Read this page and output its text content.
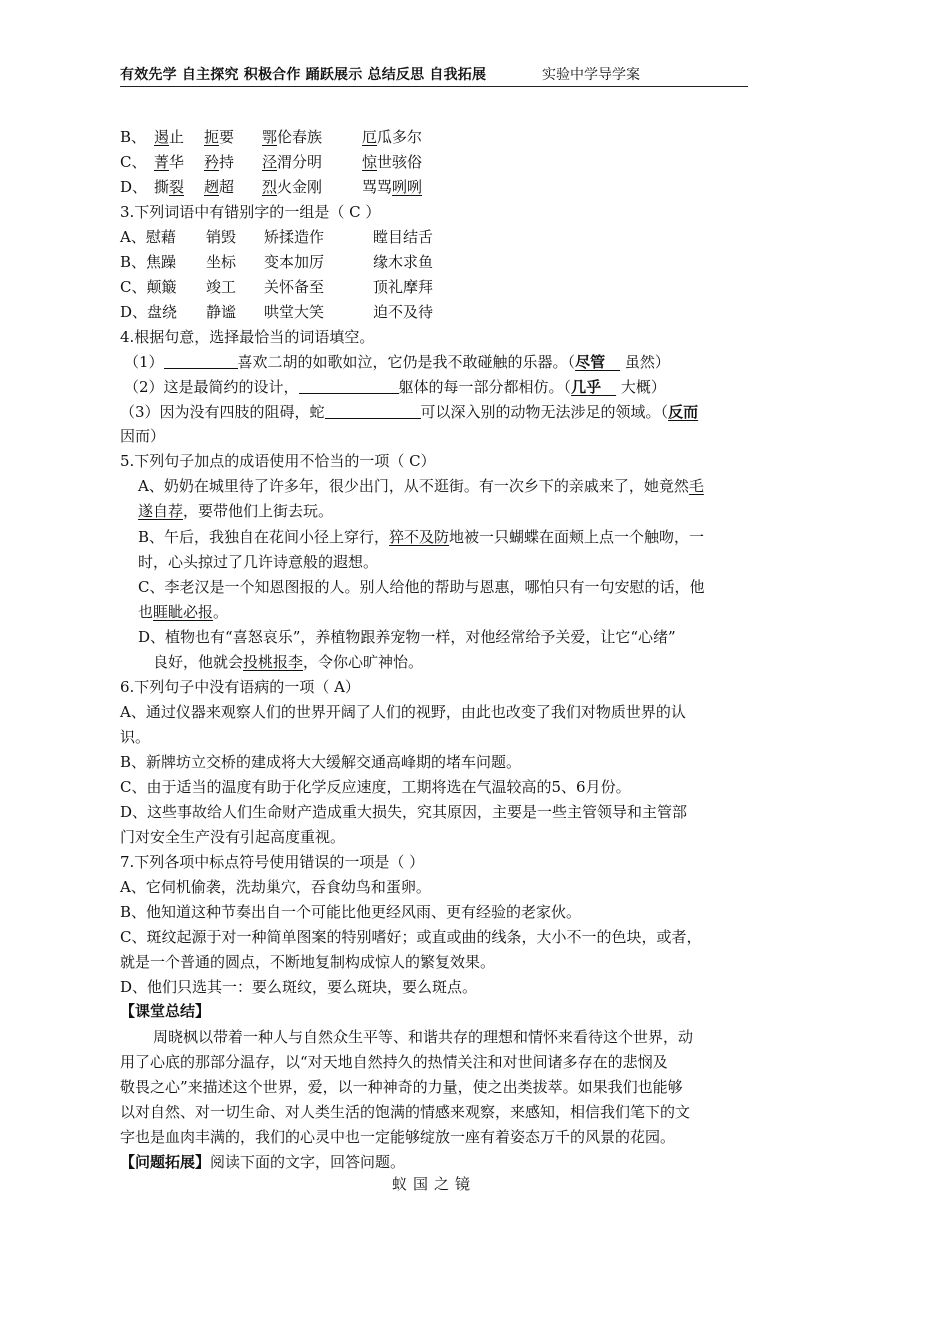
有效先学 自主探究 积极合作 踊跃展示 总结反思 自我拓展	实验中学导学案
B、 遏止 扼要 鄂伦春族	厄瓜多尔
C、 菁华 矜持 泾渭分明	惊世骇俗
D、 撕裂 趔超 烈火金刚	骂骂咧咧
3.下列词语中有错别字的一组是（ C ）
A、慰藉 销毁 矫揉造作	瞠目结舌
B、焦躁 坐标 变本加厉	缘木求鱼
C、颠簸 竣工 关怀备至	顶礼摩拜
D、盘绕 静谧 哄堂大笑	迫不及待
4.根据句意，选择最恰当的词语填空。
（1）	喜欢二胡的如歌如泣，它仍是我不敢碰触的乐器。（尽管  虽然）
（2）这是最简约的设计，	躯体的每一部分都相仿。（几乎  大概）
（3）因为没有四肢的阻碍，蛇	可以深入别的动物无法涉足的领域。（反而
因而）
5.下列句子加点的成语使用不恰当的一项（ C）
A、奶奶在城里待了许多年，很少出门，从不逛街。有一次乡下的亲戚来了，她竟然毛
遂自荐，要带他们上街去玩。
B、午后，我独自在花间小径上穿行，猝不及防地被一只蝴蝶在面颊上点一个触吻，一
时，心头掠过了几许诗意般的遐想。
C、李老汉是一个知恩图报的人。别人给他的帮助与恩惠，哪怕只有一句安慰的话，他
也睚眦必报。
D、植物也有“喜怒哀乐”，养植物跟养宠物一样，对他经常给予关爱，让它“心绪”
良好，他就会投桃报李，令你心旷神怡。
6.下列句子中没有语病的一项（ A）
A、通过仪器来观察人们的世界开阔了人们的视野，由此也改变了我们对物质世界的认
识。
B、新牌坊立交桥的建成将大大缓解交通高峰期的堵车问题。
C、由于适当的温度有助于化学反应速度，工期将选在气温较高的5、6月份。
D、这些事故给人们生命财产造成重大损失，究其原因，主要是一些主管领导和主管部
门对安全生产没有引起高度重视。
7.下列各项中标点符号使用错误的一项是（ ）
A、它伺机偷袭，洗劫巢穴，吞食幼鸟和蛋卵。
B、他知道这种节奏出自一个可能比他更经风雨、更有经验的老家伙。
C、斑纹起源于对一种简单图案的特别嗜好；或直或曲的线条，大小不一的色块，或者，
就是一个普通的圆点，不断地复制构成惊人的繁复效果。
D、他们只选其一：要么斑纹，要么斑块，要么斑点。
【课堂总结】
周晓枫以带着一种人与自然众生平等、和谐共存的理想和情怀来看待这个世界，动
用了心底的那部分温存，以“对天地自然持久的热情关注和对世间诸多存在的悲悯及
敬畏之心”来描述这个世界，爱，以一种神奇的力量，使之出类拔萃。如果我们也能够
以对自然、对一切生命、对人类生活的饱满的情感来观察，来感知，相信我们笔下的文
字也是血肉丰满的，我们的心灵中也一定能够绽放一座有着姿态万千的风景的花园。
【问题拓展】阅读下面的文字，回答问题。
蚁国之镜
